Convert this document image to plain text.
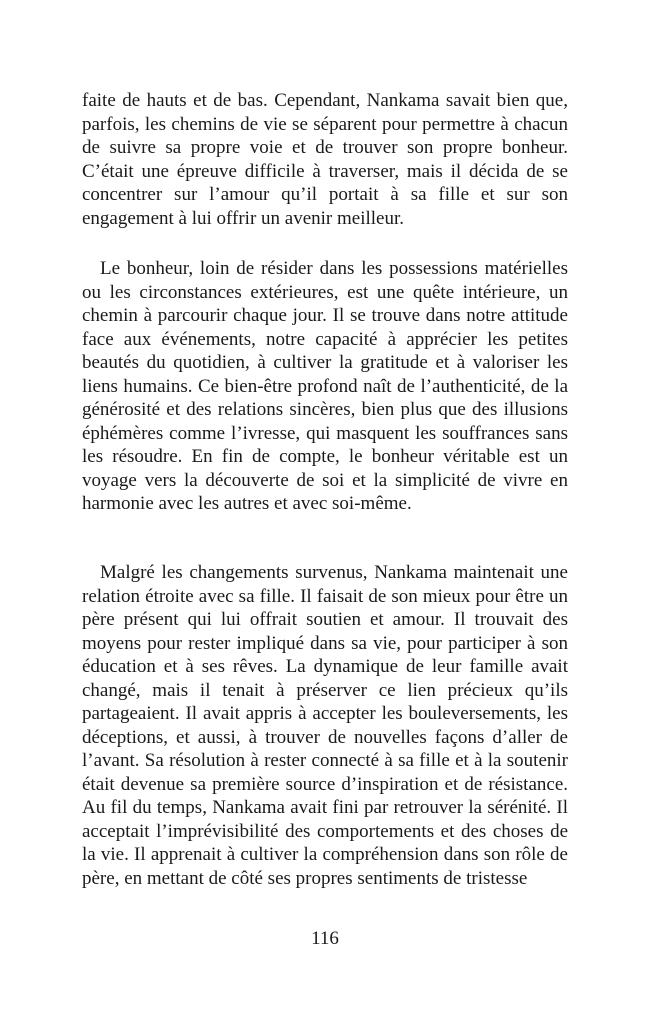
faite de hauts et de bas. Cependant, Nankama savait bien que, parfois, les chemins de vie se séparent pour permettre à chacun de suivre sa propre voie et de trouver son propre bonheur. C’était une épreuve difficile à traverser, mais il décida de se concentrer sur l’amour qu’il portait à sa fille et sur son engagement à lui offrir un avenir meilleur.

Le bonheur, loin de résider dans les possessions matérielles ou les circonstances extérieures, est une quête intérieure, un chemin à parcourir chaque jour. Il se trouve dans notre attitude face aux événements, notre capacité à apprécier les petites beautés du quotidien, à cultiver la gratitude et à valoriser les liens humains. Ce bien-être profond naît de l’authenticité, de la générosité et des relations sincères, bien plus que des illusions éphémères comme l’ivresse, qui masquent les souffrances sans les résoudre. En fin de compte, le bonheur véritable est un voyage vers la découverte de soi et la simplicité de vivre en harmonie avec les autres et avec soi-même.

Malgré les changements survenus, Nankama maintenait une relation étroite avec sa fille. Il faisait de son mieux pour être un père présent qui lui offrait soutien et amour. Il trouvait des moyens pour rester impliqué dans sa vie, pour participer à son éducation et à ses rêves. La dynamique de leur famille avait changé, mais il tenait à préserver ce lien précieux qu’ils partageaient. Il avait appris à accepter les bouleversements, les déceptions, et aussi, à trouver de nouvelles façons d’aller de l’avant. Sa résolution à rester connecté à sa fille et à la soutenir était devenue sa première source d’inspiration et de résistance. Au fil du temps, Nankama avait fini par retrouver la sérénité. Il acceptait l’imprévisibilité des comportements et des choses de la vie. Il apprenait à cultiver la compréhension dans son rôle de père, en mettant de côté ses propres sentiments de tristesse

116
